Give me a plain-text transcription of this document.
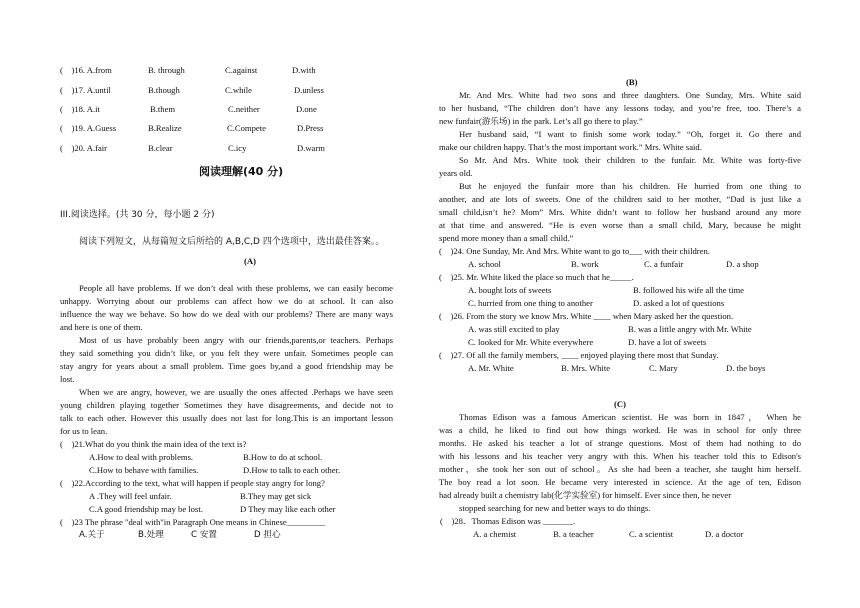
(    )16. A.from	B. through	C.against	D.with
(    )17. A.until	B.though	C.while	D.unless
(    )18. A.it	B.them	C.neither	D.one
(    )19. A.Guess	B.Realize	C.Compete	D.Press
(    )20. A.fair	B.clear	C.icy	D.warm
阅读理解(40 分)
III.阅读选择。(共 30 分，每小题 2 分)
阅读下列短文，从每篇短文后所给的 A,B,C,D 四个选项中，选出最佳答案。。
(A)
People all have problems. If we don’t deal with these problems, we can easily become
unhappy. Worrying about our problems can affect how we do at school. It can also
influence the way we behave. So how do we deal with our problems? There are many ways
and here is one of them.
Most of us have probably been angry with our friends,parents,or teachers. Perhaps
they said something you didn’t like, or you felt they were unfair. Sometimes people can
stay angry for years about a small problem. Time goes by,and a good friendship may be
lost.
When we are angry, however, we are usually the ones affected .Perhaps we have seen
young children playing together Sometimes they have disagreements, and decide not to
talk to each other. However this usually does not last for long.This is an important lesson
for us to lean.
(    )21.What do you think the main idea of the text is?
A.How to deal with problems.	B.How to do at school.
C.How to behave with families.	D.How to talk to each other.
(    )22.According to the text, what will happen if people stay angry for long?
A .They will feel unfair.	B.They may get sick
C.A good friendship may be lost.	D They may like each other
(    )23 The phrase "deal with"in Paragraph One means in Chinese_________
A.关于	B.处理	C 安置	D 担心
(B)
Mr. And Mrs. White had two sons and three daughters. One Sunday, Mrs. White said
to her husband, “The children don’t have any lessons today, and you’re free, too. There’s a
new funfair(游乐场) in the park. Let’s all go there to play.”
Her husband said, “I want to finish some work today.” “Oh, forget it. Go there and
make our children happy. That’s the most important work.” Mrs. White said.
So Mr. And Mrs. White took their children to the funfair. Mr. White was forty-five
years old.
But he enjoyed the funfair more than his children. He hurried from one thing to
another, and ate lots of sweets. One of the children said to her mother, “Dad is just like a
small child,isn’t he? Mom” Mrs. White didn’t want to follow her husband around any more
at that time and answered. “He is even worse than a small child, Mary, because he might
spend more money than a small child.”
(    )24. One Sunday, Mr. And Mrs. White want to go to___ with their children.
A. school	B. work	C. a funfair	D. a shop
(    )25. Mr. White liked the place so much that he_____.
A. bought lots of sweets	B. followed his wife all the time
C. hurried from one thing to another	D. asked a lot of questions
(    )26. From the story we know Mrs. White ____ when Mary asked her the question.
A. was still excited to play	B. was a little angry with Mr. White
C. looked for Mr. White everywhere	D. have a lot of sweets
(    )27. Of all the family members, ____ enjoyed playing there most that Sunday.
A. Mr. White	B. Mrs. White	C. Mary	D. the boys
(C)
Thomas Edison was a famous American scientist. He was born in 1847， When he
was a child, he liked to find out how things worked. He was in school for only three
months. He asked his teacher a lot of strange questions. Most of them had nothing to do
with his lessons and his teacher very angry with this. When his teacher told this to Edison's
mother，she took her son out of school。As she had been a teacher, she taught him herself.
The boy read a lot soon. He became very interested in science. At the age of ten, Edison
had already built a chemistry lab(化学实验室) for himself. Ever since then, he never
stopped searching for new and better ways to do things.
(    )28．Thomas Edison was _______.
A. a chemist	B. a teacher	C. a scientist	D. a doctor
